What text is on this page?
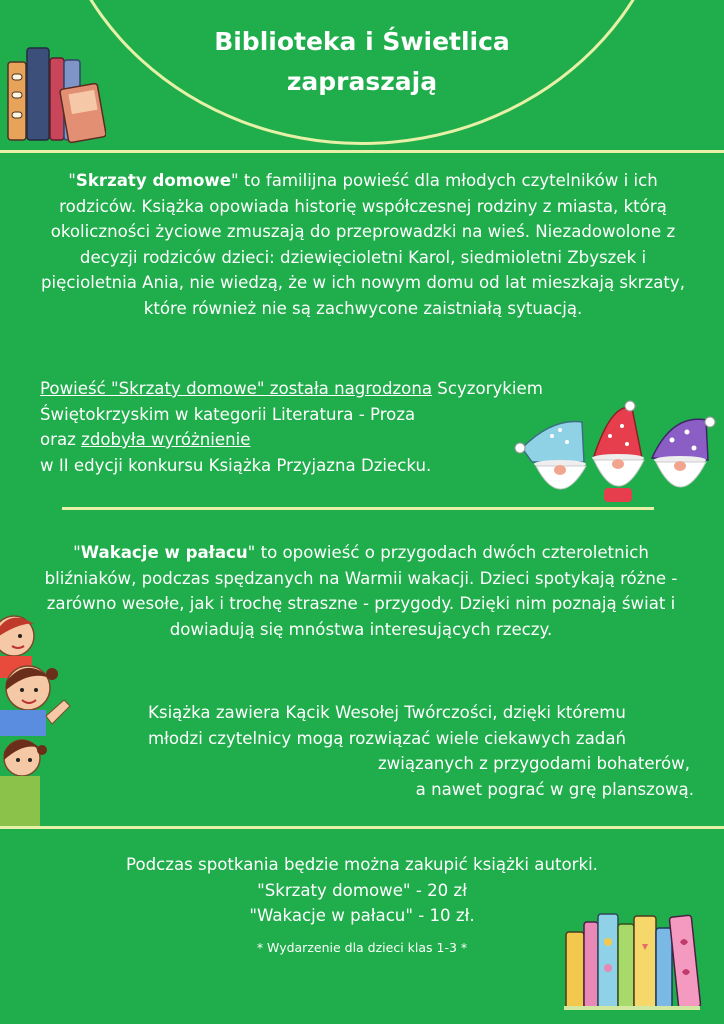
Biblioteka i Świetlica
zapraszają
"Skrzaty domowe" to familijna powieść dla młodych czytelników i ich rodziców. Książka opowiada historię współczesnej rodziny z miasta, którą okoliczności życiowe zmuszają do przeprowadzki na wieś. Niezadowolone z decyzji rodziców dzieci: dziewięcioletni Karol, siedmioletni Zbyszek i pięcioletnia Ania, nie wiedzą, że w ich nowym domu od lat mieszkają skrzaty, które również nie są zachwycone zaistniałą sytuacją.
Powieść "Skrzaty domowe" została nagrodzona Scyzorykiem Świętokrzyskim w kategorii Literatura - Proza
oraz zdobyła wyróżnienie
w II edycji konkursu Książka Przyjazna Dziecku.
"Wakacje w pałacu" to opowieść o przygodach dwóch czteroletnich bliźniaków, podczas spędzanych na Warmii wakacji. Dzieci spotykają różne - zarówno wesołe, jak i trochę straszne - przygody. Dzięki nim poznają świat i dowiadują się mnóstwa interesujących rzeczy.
Książka zawiera Kącik Wesołej Twórczości, dzięki któremu
młodzi czytelnicy mogą rozwiązać wiele ciekawych zadań
związanych z przygodami bohaterów,
a nawet pograć w grę planszową.
Podczas spotkania będzie można zakupić książki autorki.
"Skrzaty domowe" - 20 zł
"Wakacje w pałacu" - 10 zł.
* Wydarzenie dla dzieci klas 1-3 *
